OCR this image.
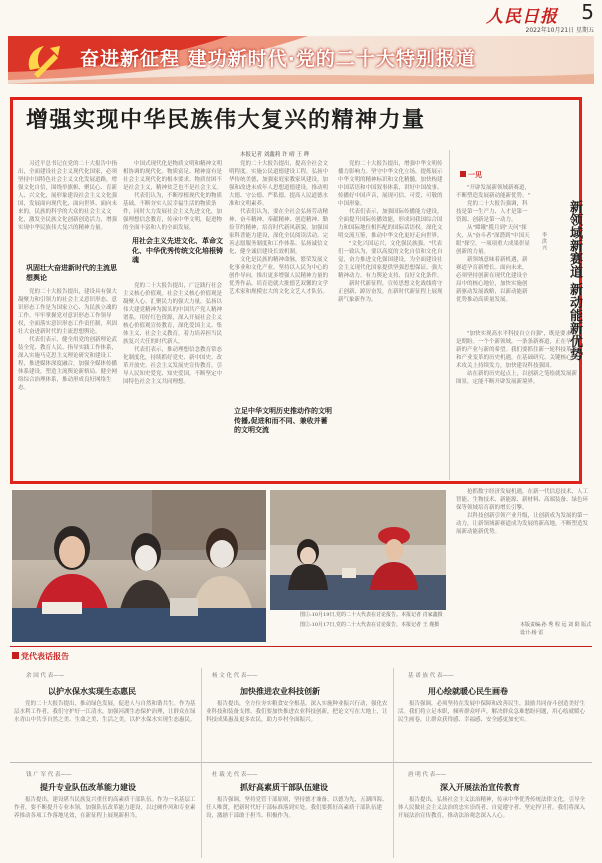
人民日报 5
2022年10月21日 星期五
奋进新征程 建功新时代·党的二十大特别报道
增强实现中华民族伟大复兴的精神力量
本报记者 刘鑫莉 许 晴 王 晔
　　习近平总书记在党的二十大报告中指出，全面建设社会主义现代化国家，必须坚持中国特色社会主义文化发展道路，增强文化自信，围绕举旗帜、聚民心、育新人、兴文化、展形象建设社会主义文化强国，发展面向现代化、面向世界、面向未来的，民族的科学的大众的社会主义文化，激发全民族文化创新创造活力，增强实现中华民族伟大复兴的精神力量。
巩固壮大奋进新时代的主流思想舆论
　　党的二十大报告提出，建设具有强大凝聚力和引领力的社会主义意识形态。意识形态工作是为国家立心、为民族立魂的工作。牢牢掌握党对意识形态工作领导权，全面落实意识形态工作责任制，巩固壮大奋进新时代的主流思想舆论。
　　代表们表示，健全用党的创新理论武装全党、教育人民、指导实践工作体系，深入实施马克思主义理论研究和建设工程，推进媒体深度融合，加强全媒体传播体系建设，塑造主流舆论新格局。健全网络综合治理体系，推动形成良好网络生态。
　　中国式现代化是物质文明和精神文明相协调的现代化。物质富足、精神富有是社会主义现代化的根本要求。物质贫困不是社会主义，精神贫乏也不是社会主义。
　　代表们认为，不断厚植现代化的物质基础，不断夯实人民幸福生活的物质条件，同时大力发展社会主义先进文化，加强理想信念教育，传承中华文明，促进物的全面丰富和人的全面发展。
用社会主义先进文化、革命文化、中华优秀传统文化培根铸魂
　　党的二十大报告提出，广泛践行社会主义核心价值观。社会主义核心价值观是凝聚人心、汇聚民力的强大力量。弘扬以伟大建党精神为源头的中国共产党人精神谱系，用好红色资源，深入开展社会主义核心价值观宣传教育，深化爱国主义、集体主义、社会主义教育，着力培养担当民族复兴大任的时代新人。
　　代表们表示，推动理想信念教育常态化制度化，持续抓好党史、新中国史、改革开放史、社会主义发展史宣传教育，引导人民知史爱党、知史爱国，不断坚定中国特色社会主义共同理想。
　　党的二十大报告提出，提高全社会文明程度。实施公民道德建设工程，弘扬中华传统美德，加强家庭家教家风建设，加强和改进未成年人思想道德建设，推动明大德、守公德、严私德，提高人民道德水准和文明素养。
　　代表们认为，要在全社会弘扬劳动精神、奋斗精神、奉献精神、创造精神、勤俭节约精神，培育时代新风新貌。加强国家科普能力建设，深化全民阅读活动。完善志愿服务制度和工作体系。弘扬诚信文化，健全诚信建设长效机制。
　　文化是民族的精神命脉，繁荣发展文化事业和文化产业。坚持以人民为中心的创作导向，推出更多增强人民精神力量的优秀作品，培育造就大批德艺双馨的文学艺术家和规模宏大的文化文艺人才队伍。
立足中华文明历史推动作的文明传播,促进和而不同、兼收并蓄的文明交流
　　党的二十大报告提出，增强中华文明传播力影响力。坚守中华文化立场，提炼展示中华文明的精神标识和文化精髓，加快构建中国话语和中国叙事体系，讲好中国故事、传播好中国声音，展现可信、可爱、可敬的中国形象。
　　代表们表示，加强国际传播能力建设，全面提升国际传播效能，形成同我国综合国力和国际地位相匹配的国际话语权。深化文明交流互鉴，推动中华文化更好走向世界。
　　"文化兴国运兴，文化强民族强。"代表们一致认为，要以高度的文化自信和文化自觉，奋力推进文化强国建设，为全面建设社会主义现代化国家提供坚强思想保证、强大精神动力、有力舆论支持、良好文化条件。
　　新时代新征程，宣传思想文化战线将守正创新、踔厉奋发，在新时代新征程上展现新气象新作为。
一见
新领域新赛道 新动能新优势
李 洪 兴
　　"开辟发展新领域新赛道，不断塑造发展新动能新优势。"
　　党的二十大报告强调，科技是第一生产力、人才是第一资源、创新是第一动力。
　　从"嫦娥"揽月到"天问"探火，从"奋斗者"深潜到"中国天眼"探空，一项项重大成果彰显创新的力量。
　　新领域意味着新机遇，新赛道孕育新增长。面向未来，必须坚持创新在现代化建设全局中的核心地位，加快实施创新驱动发展战略，以新动能新优势推动高质量发展。
　　"加快实现高水平科技自立自强"，既是要求也是期盼。一个个新领域，一条条新赛道，正在孕育新的产业与新的希望。我们要抓住新一轮科技革命和产业变革的历史机遇，在基础研究、关键核心技术攻关上持续发力，加快建设科技强国。
　　站在新的历史起点上，以创新之笔绘就发展新图景，定能不断开辟发展新境界。
图①:10月19日,党的二十大代表在讨论报告。本报记者 肖家鑫摄
图②:10月17日,党的二十大代表在讨论报告。本报记者 王 瑾摄	本版责编:孙 秀 程 远 刘 阳 版式设计:杨 雷
　　抢抓数字经济发展机遇，在新一代信息技术、人工智能、生物技术、新能源、新材料、高端装备、绿色环保等领域培育新的增长引擎。
　　以科技创新引领产业升级，让创新成为发展的第一动力，让新领域新赛道成为发展的新高地，不断塑造发展新动能新优势。
党代表话报告
余 国 代 表——
以护水保水实现生态惠民
　　党的二十大报告提出，推动绿色发展，促进人与自然和谐共生。作为基层水利工作者，我们守护好一江清水，加强河湖生态保护治理，让群众在绿水青山中共享自然之美、生命之美、生活之美，以护水保水实现生态惠民。
杨 文 化 代 表——
加快推进农业科技创新
　　报告提出，全方位夯实粮食安全根基，深入实施种业振兴行动，强化农业科技和装备支撑。我们要加快推进农业科技创新，把论文写在大地上，让科技成果惠及更多农民，助力乡村全面振兴。
基 诺 族 代 表——
用心绘就暖心民生画卷
　　报告强调，必须坚持在发展中保障和改善民生，鼓励共同奋斗创造美好生活。我们将立足本职，倾听群众呼声，解决群众急难愁盼问题，用心绘就暖心民生画卷，让群众获得感、幸福感、安全感更加充实。
钱 广 军 代 表——
提升专业队伍改革能力建设
　　报告提出，建设堪当民族复兴重任的高素质干部队伍。作为一名基层工作者，要不断提升专业本领，加强队伍改革能力建设，以过硬作风和专业素养推动各项工作落地见效，在新征程上展现新担当。
杜 载 光 代 表——
抓好高素质干部队伍建设
　　报告强调，坚持党管干部原则，坚持德才兼备、以德为先、五湖四海、任人唯贤，把新时代好干部标准落到实处。我们要抓好高素质干部队伍建设，激励干部敢于担当、积极作为。
唐 明 代 表——
深入开展法治宣传教育
　　报告提出，弘扬社会主义法治精神，传承中华优秀传统法律文化，引导全体人民做社会主义法治的忠实崇尚者、自觉遵守者、坚定捍卫者。我们将深入开展法治宣传教育，推动法治观念深入人心。
